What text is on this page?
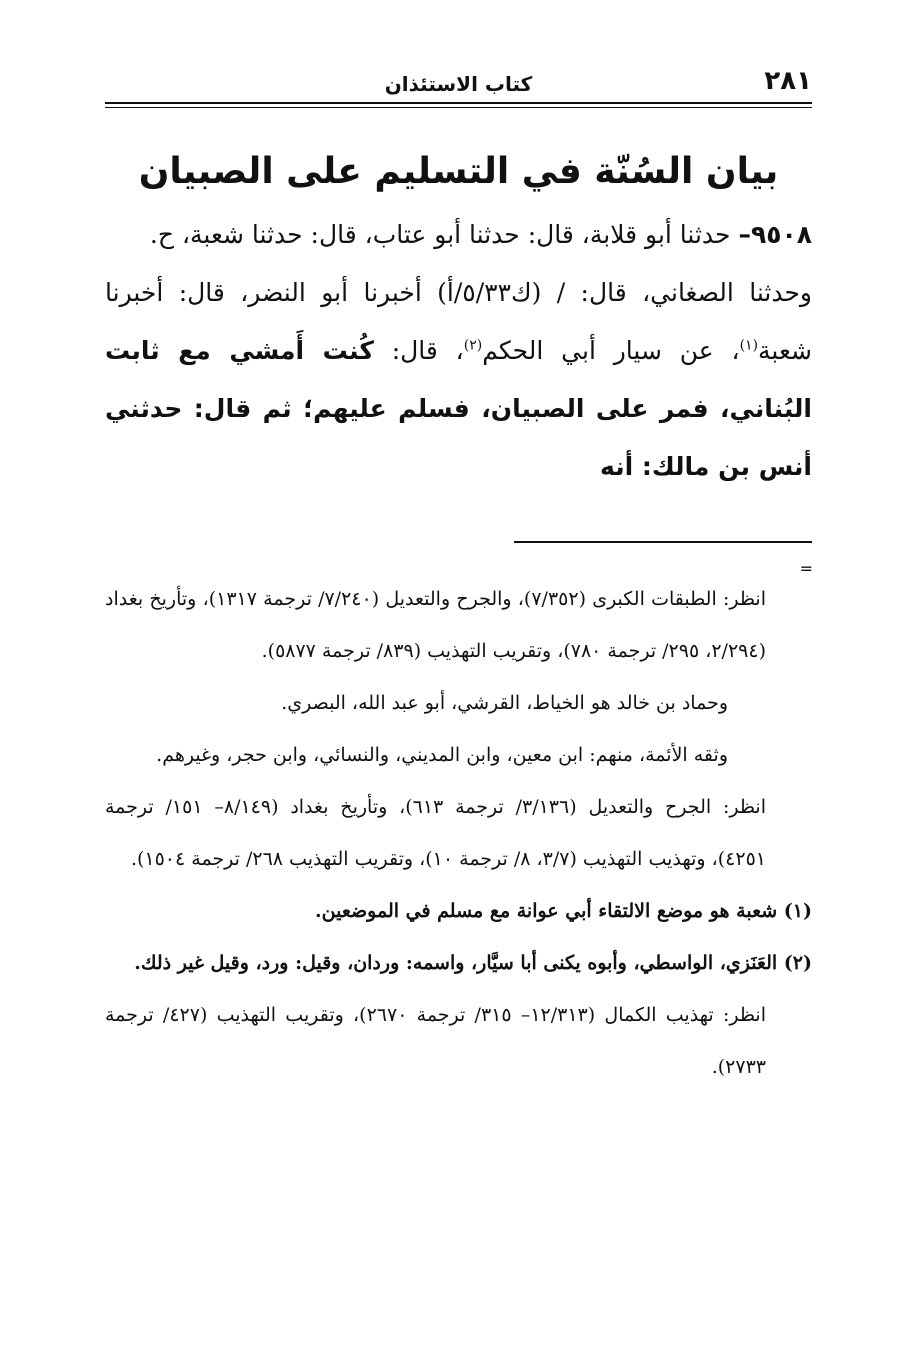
٢٨١
كتاب الاستئذان
بيان السُنّة في التسليم على الصبيان

٩٥٠٨– حدثنا أبو قلابة، قال: حدثنا أبو عتاب، قال: حدثنا شعبة، ح.

وحدثنا الصغاني، قال: / (ك٥/٣٣/أ) أخبرنا أبو النضر، قال: أخبرنا شعبة$^{(١)}$، عن سيار أبي الحكم$^{(٢)}$، قال: كُنت أَمشي مع ثابت البُناني، فمر على الصبيان، فسلم عليهم؛ ثم قال: حدثني أنس بن مالك: أنه

=

انظر: الطبقات الكبرى (٧/٣٥٢)، والجرح والتعديل (٧/٢٤٠/ ترجمة ١٣١٧)، وتأريخ بغداد (٢/٢٩٤، ٢٩٥/ ترجمة ٧٨٠)، وتقريب التهذيب (٨٣٩/ ترجمة ٥٨٧٧).

وحماد بن خالد هو الخياط، القرشي، أبو عبد الله، البصري.

وثقه الأئمة، منهم: ابن معين، وابن المديني، والنسائي، وابن حجر، وغيرهم.

انظر: الجرح والتعديل (٣/١٣٦/ ترجمة ٦١٣)، وتأريخ بغداد (٨/١٤٩– ١٥١/ ترجمة ٤٢٥١)، وتهذيب التهذيب (٣/٧، ٨/ ترجمة ١٠)، وتقريب التهذيب ٢٦٨/ ترجمة ١٥٠٤).

(١) شعبة هو موضع الالتقاء أبي عوانة مع مسلم في الموضعين.

(٢) العَنَزي، الواسطي، وأبوه يكنى أبا سيَّار، واسمه: وردان، وقيل: ورد، وقيل غير ذلك.

انظر: تهذيب الكمال (١٢/٣١٣– ٣١٥/ ترجمة ٢٦٧٠)، وتقريب التهذيب (٤٢٧/ ترجمة ٢٧٣٣).
